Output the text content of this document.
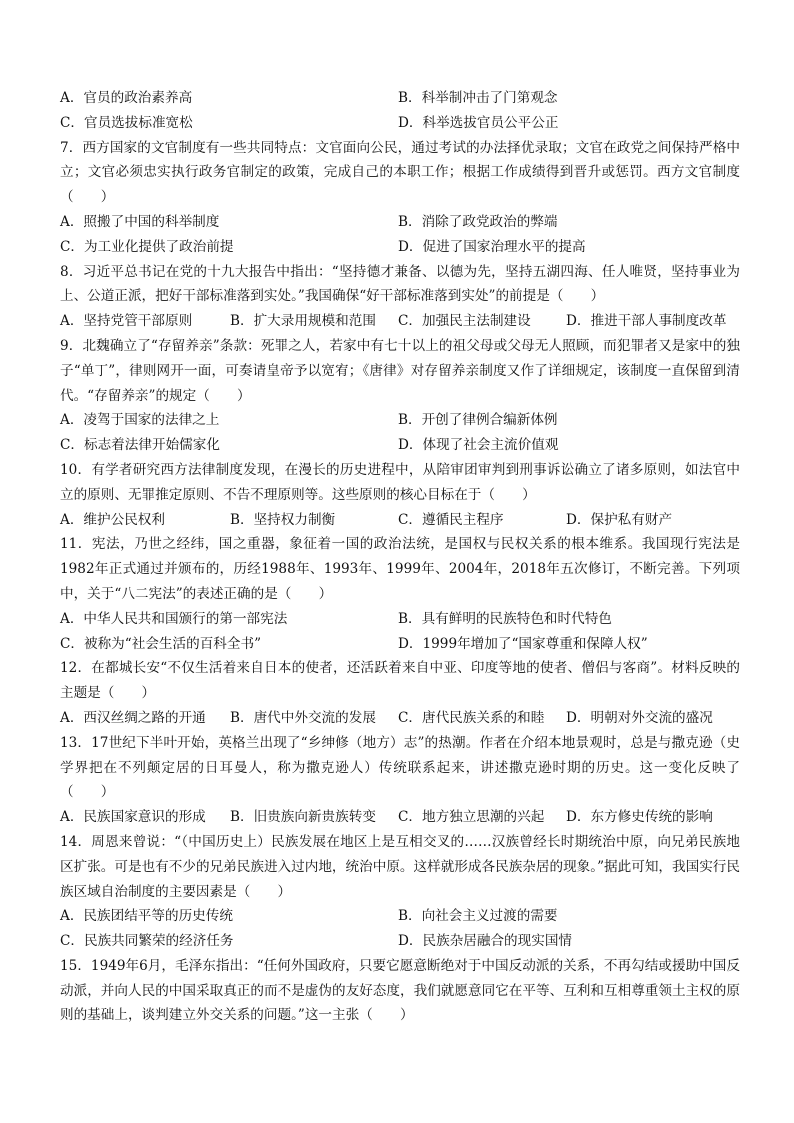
A．官员的政治素养高	B．科举制冲击了门第观念
C．官员选拔标准宽松	D．科举选拔官员公平公正
7．西方国家的文官制度有一些共同特点：文官面向公民，通过考试的办法择优录取；文官在政党之间保持严格中立；文官必须忠实执行政务官制定的政策，完成自己的本职工作；根据工作成绩得到晋升或惩罚。西方文官制度（　　）
A．照搬了中国的科举制度	B．消除了政党政治的弊端
C．为工业化提供了政治前提	D．促进了国家治理水平的提高
8．习近平总书记在党的十九大报告中指出：“坚持德才兼备、以德为先，坚持五湖四海、任人唯贤，坚持事业为上、公道正派，把好干部标准落到实处。”我国确保“好干部标准落到实处”的前提是（　　）
A．坚持党管干部原则	B．扩大录用规模和范围 C．加强民主法制建设	D．推进干部人事制度改革
9．北魏确立了“存留养亲”条款：死罪之人，若家中有七十以上的祖父母或父母无人照顾，而犯罪者又是家中的独子“单丁”，律则网开一面，可奏请皇帝予以宽宥；《唐律》对存留养亲制度又作了详细规定，该制度一直保留到清代。“存留养亲”的规定（　　）
A．凌驾于国家的法律之上	B．开创了律例合编新体例
C．标志着法律开始儒家化	D．体现了社会主流价值观
10．有学者研究西方法律制度发现，在漫长的历史进程中，从陪审团审判到刑事诉讼确立了诸多原则，如法官中立的原则、无罪推定原则、不告不理原则等。这些原则的核心目标在于（　　）
A．维护公民权利	B．坚持权力制衡	C．遵循民主程序	D．保护私有财产
11．宪法，乃世之经纬，国之重器，象征着一国的政治法统，是国权与民权关系的根本维系。我国现行宪法是1982年正式通过并颁布的，历经1988年、1993年、1999年、2004年，2018年五次修订，不断完善。下列项中，关于“八二宪法”的表述正确的是（　　）
A．中华人民共和国颁行的第一部宪法	B．具有鲜明的民族特色和时代特色
C．被称为“社会生活的百科全书”	D．1999年增加了“国家尊重和保障人权”
12．在都城长安“不仅生活着来自日本的使者，还活跃着来自中亚、印度等地的使者、僧侣与客商”。材料反映的主题是（　　）
A．西汉丝绸之路的开通 B．唐代中外交流的发展 C．唐代民族关系的和睦 D．明朝对外交流的盛况
13．17世纪下半叶开始，英格兰出现了“乡绅修（地方）志”的热潮。作者在介绍本地景观时，总是与撒克逊（史学界把在不列颠定居的日耳曼人，称为撒克逊人）传统联系起来，讲述撒克逊时期的历史。这一变化反映了（　　）
A．民族国家意识的形成 B．旧贵族向新贵族转变 C．地方独立思潮的兴起 D．东方修史传统的影响
14．周恩来曾说：“（中国历史上）民族发展在地区上是互相交叉的……汉族曾经长时期统治中原，向兄弟民族地区扩张。可是也有不少的兄弟民族进入过内地，统治中原。这样就形成各民族杂居的现象。”据此可知，我国实行民族区域自治制度的主要因素是（　　）
A．民族团结平等的历史传统	B．向社会主义过渡的需要
C．民族共同繁荣的经济任务	D．民族杂居融合的现实国情
15．1949年6月，毛泽东指出：“任何外国政府，只要它愿意断绝对于中国反动派的关系，不再勾结或援助中国反动派，并向人民的中国采取真正的而不是虚伪的友好态度，我们就愿意同它在平等、互利和互相尊重领土主权的原则的基础上，谈判建立外交关系的问题。”这一主张（　　）
